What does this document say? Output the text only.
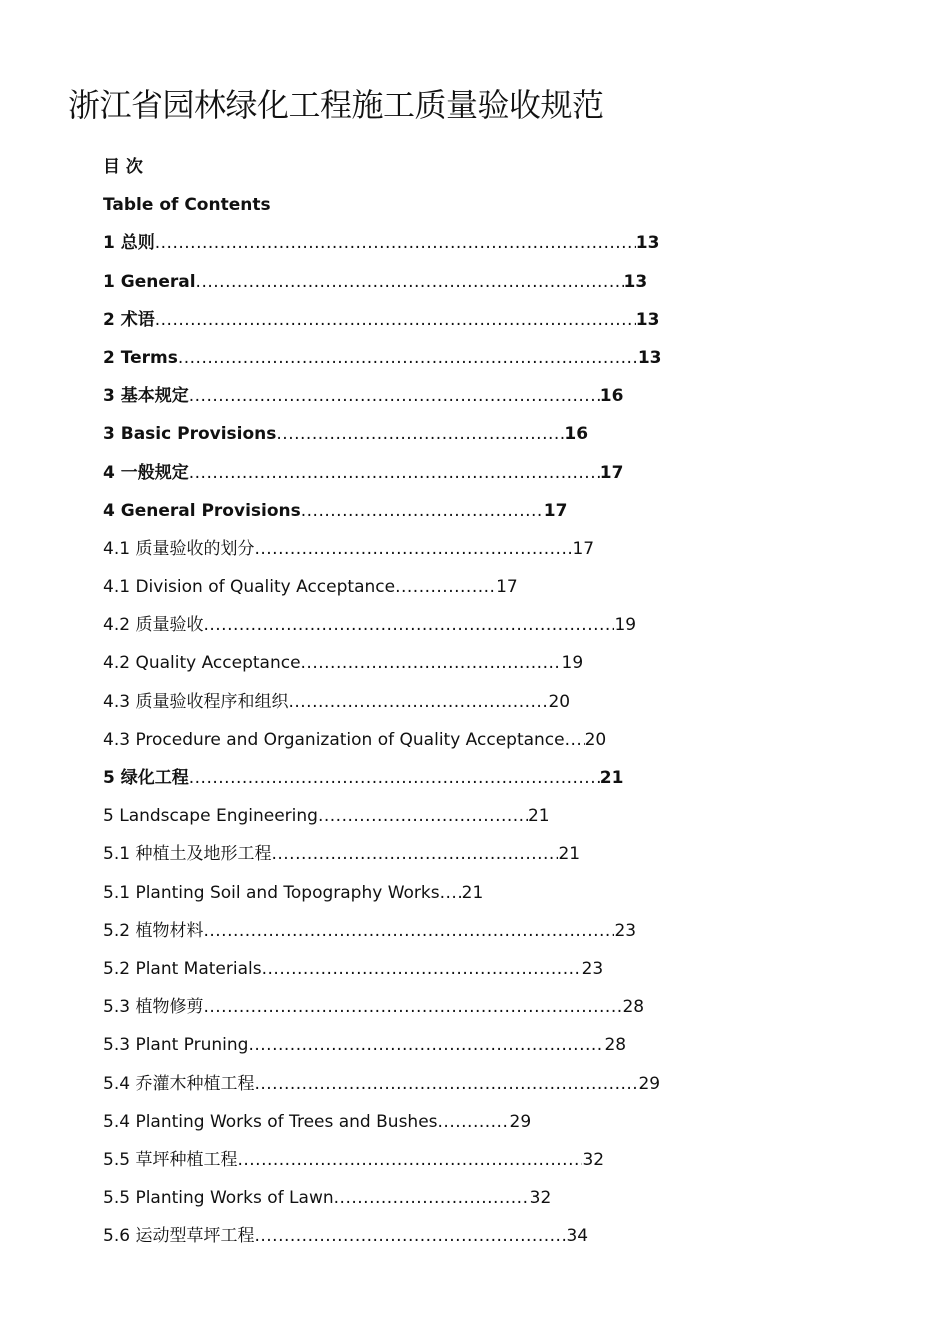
浙江省园林绿化工程施工质量验收规范
目 次
Table of Contents
1 总则 .....	13
1 General .....	13
2 术语 .....	13
2 Terms .....	13
3 基本规定 .....	16
3 Basic Provisions .....	16
4 一般规定 .....	17
4 General Provisions .....	17
4.1 质量验收的划分 .....	17
4.1 Division of Quality Acceptance .....	17
4.2 质量验收 .....	19
4.2 Quality Acceptance .....	19
4.3 质量验收程序和组织 .....	20
4.3 Procedure and Organization of Quality Acceptance ..... 20
5 绿化工程 .....	21
5 Landscape Engineering .....	21
5.1 种植土及地形工程 .....	21
5.1 Planting Soil and Topography Works ..... 21
5.2 植物材料 .....	23
5.2 Plant Materials .....	23
5.3 植物修剪 .....	28
5.3 Plant Pruning .....	28
5.4 乔灌木种植工程 .....	29
5.4 Planting Works of Trees and Bushes .....	29
5.5 草坪种植工程 .....	32
5.5 Planting Works of Lawn .....	32
5.6 运动型草坪工程 .....	34
